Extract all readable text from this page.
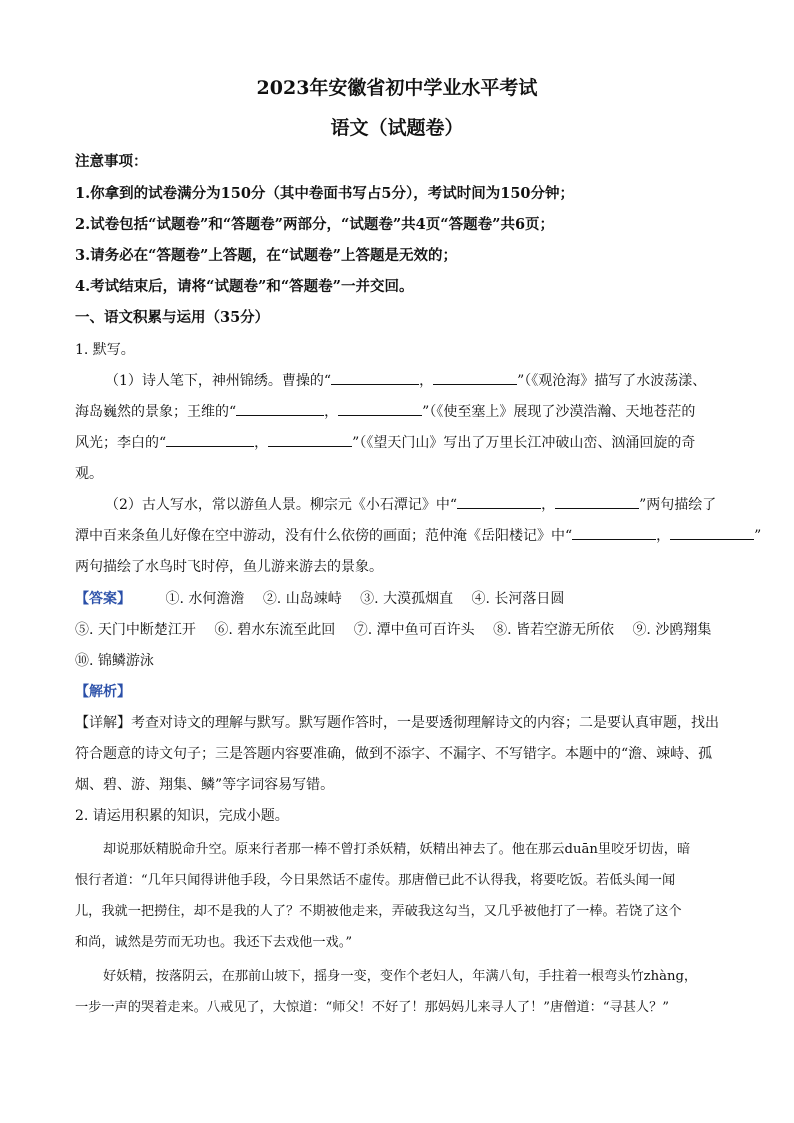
2023年安徽省初中学业水平考试
语文（试题卷）
注意事项：
1.你拿到的试卷满分为150分（其中卷面书写占5分），考试时间为150分钟；
2.试卷包括“试题卷”和“答题卷”两部分，“试题卷”共4页“答题卷”共6页；
3.请务必在“答题卷”上答题，在“试题卷”上答题是无效的；
4.考试结束后，请将“试题卷”和“答题卷”一并交回。
一、语文积累与运用（35分）
1. 默写。
（1）诗人笔下，神州锦绣。曹操的“	，	”（《观沧海》描写了水波荡漾、
海岛巍然的景象；王维的“	，	”（《使至塞上》展现了沙漠浩瀚、天地苍茫的
风光；李白的“	，	”（《望天门山》写出了万里长江冲破山峦、汹涌回旋的奇
观。
（2）古人写水，常以游鱼人景。柳宗元《小石潭记》中“	，	”两句描绘了
潭中百来条鱼儿好像在空中游动，没有什么依傍的画面；范仲淹《岳阳楼记》中“	，	”
两句描绘了水鸟时飞时停，鱼儿游来游去的景象。
【答案】 ①. 水何澹澹 ②. 山岛竦峙 ③. 大漠孤烟直 ④. 长河落日圆
⑤. 天门中断楚江开 ⑥. 碧水东流至此回 ⑦. 潭中鱼可百许头 ⑧. 皆若空游无所依 ⑨. 沙鸥翔集
⑩. 锦鳞游泳
【解析】
【详解】考查对诗文的理解与默写。默写题作答时，一是要透彻理解诗文的内容；二是要认真审题，找出
符合题意的诗文句子；三是答题内容要准确，做到不添字、不漏字、不写错字。本题中的“澹、竦峙、孤
烟、碧、游、翔集、鳞”等字词容易写错。
2. 请运用积累的知识，完成小题。
却说那妖精脱命升空。原来行者那一棒不曾打杀妖精，妖精出神去了。他在那云duān里咬牙切齿，暗
恨行者道：“几年只闻得讲他手段，今日果然话不虚传。那唐僧已此不认得我，将要吃饭。若低头闻一闻
儿，我就一把撈住，却不是我的人了？不期被他走来，弄破我这勾当，又几乎被他打了一棒。若饶了这个
和尚，诚然是劳而无功也。我还下去戏他一戏。”
好妖精，按落阴云，在那前山坡下，摇身一变，变作个老妇人，年满八旬，手拄着一根弯头竹zhàng，
一步一声的哭着走来。八戒见了，大惊道：“师父！不好了！那妈妈儿来寻人了！”唐僧道：“寻甚人？”
